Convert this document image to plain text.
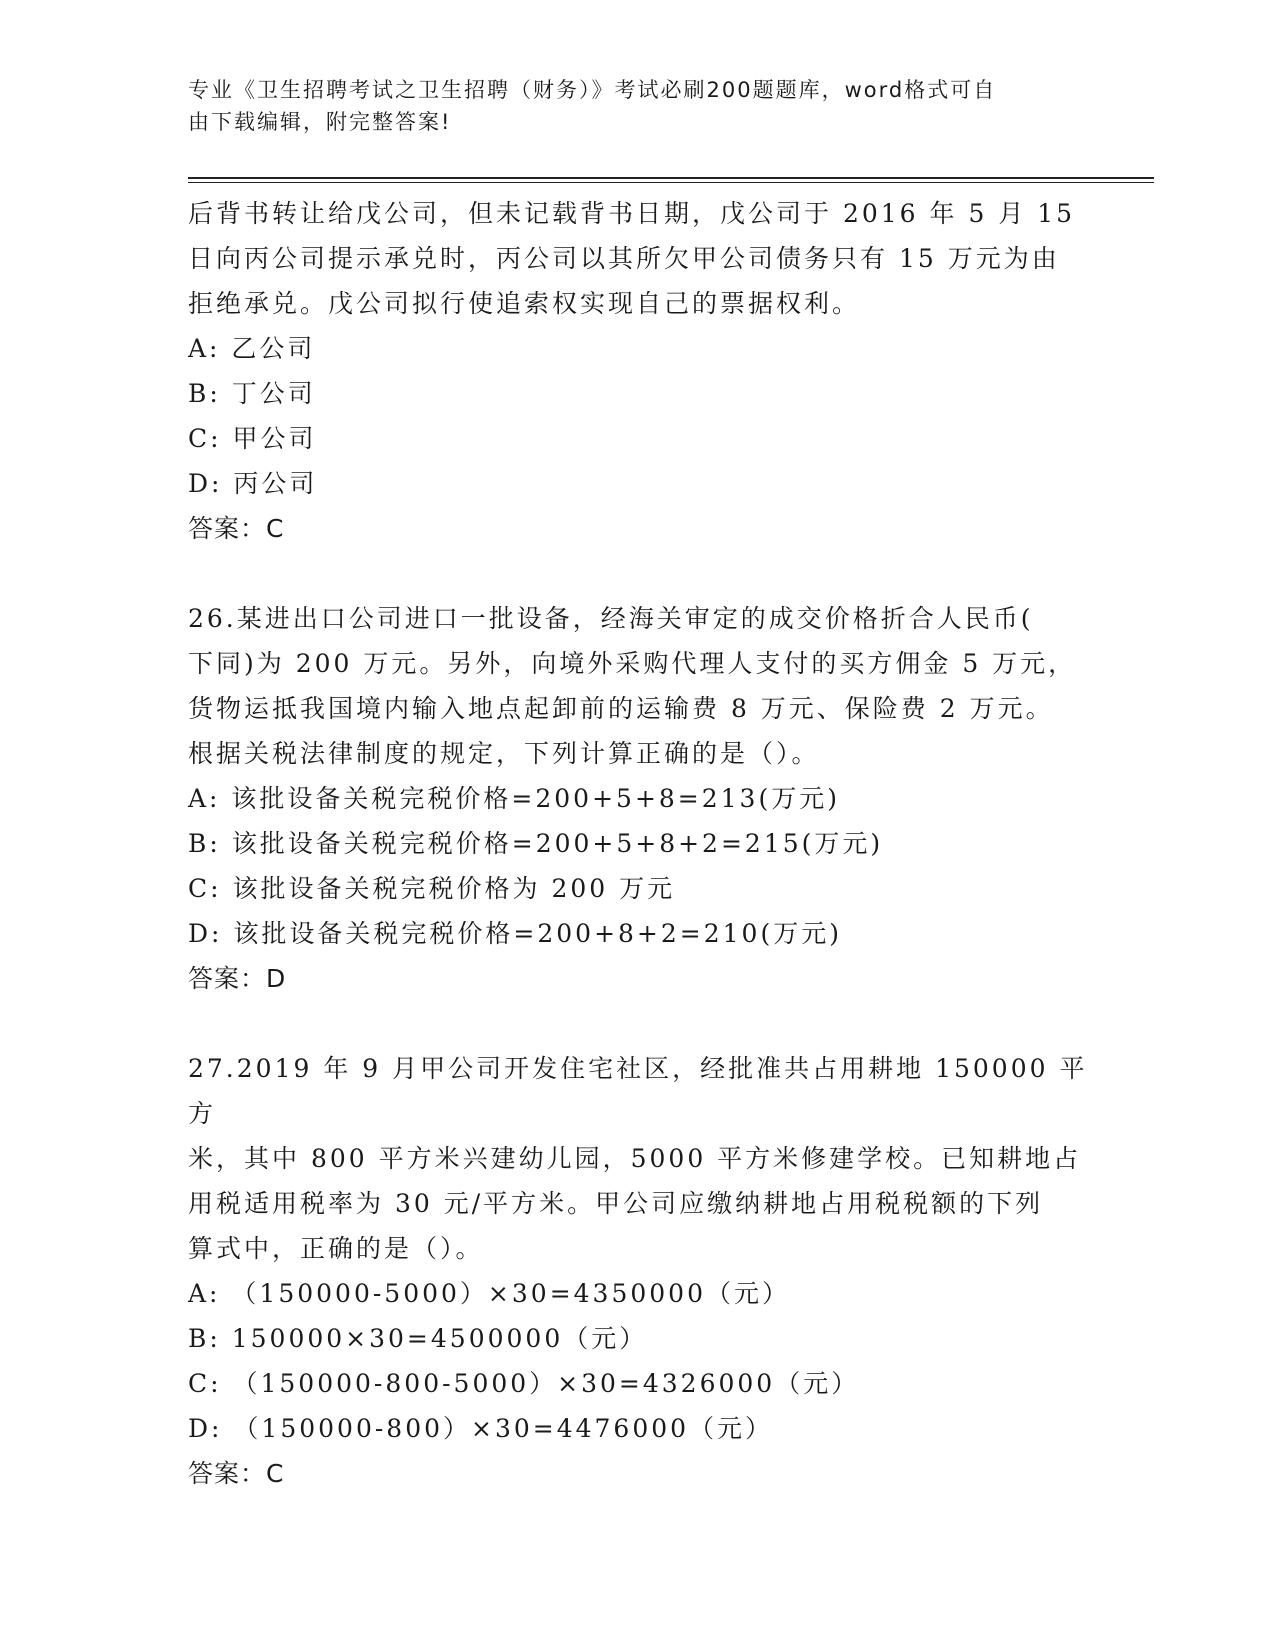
专业《卫生招聘考试之卫生招聘（财务）》考试必刷200题题库，word格式可自
由下载编辑，附完整答案!

后背书转让给戊公司，但未记载背书日期，戊公司于 2016 年 5 月 15

日向丙公司提示承兑时，丙公司以其所欠甲公司债务只有 15 万元为由

拒绝承兑。戊公司拟行使追索权实现自己的票据权利。

A: 乙公司

B: 丁公司

C: 甲公司

D: 丙公司

答案：C

26.某进出口公司进口一批设备，经海关审定的成交价格折合人民币(

下同)为 200 万元。另外，向境外采购代理人支付的买方佣金 5 万元，

货物运抵我国境内输入地点起卸前的运输费 8 万元、保险费 2 万元。

根据关税法律制度的规定，下列计算正确的是（）。

A: 该批设备关税完税价格=200+5+8=213(万元)

B: 该批设备关税完税价格=200+5+8+2=215(万元)

C: 该批设备关税完税价格为 200 万元

D: 该批设备关税完税价格=200+8+2=210(万元)

答案：D

27.2019 年 9 月甲公司开发住宅社区，经批准共占用耕地 150000 平方

米，其中 800 平方米兴建幼儿园，5000 平方米修建学校。已知耕地占

用税适用税率为 30 元/平方米。甲公司应缴纳耕地占用税税额的下列

算式中，正确的是（）。

A: （150000-5000）×30=4350000（元）

B: 150000×30=4500000（元）

C: （150000-800-5000）×30=4326000（元）

D: （150000-800）×30=4476000（元）

答案：C
